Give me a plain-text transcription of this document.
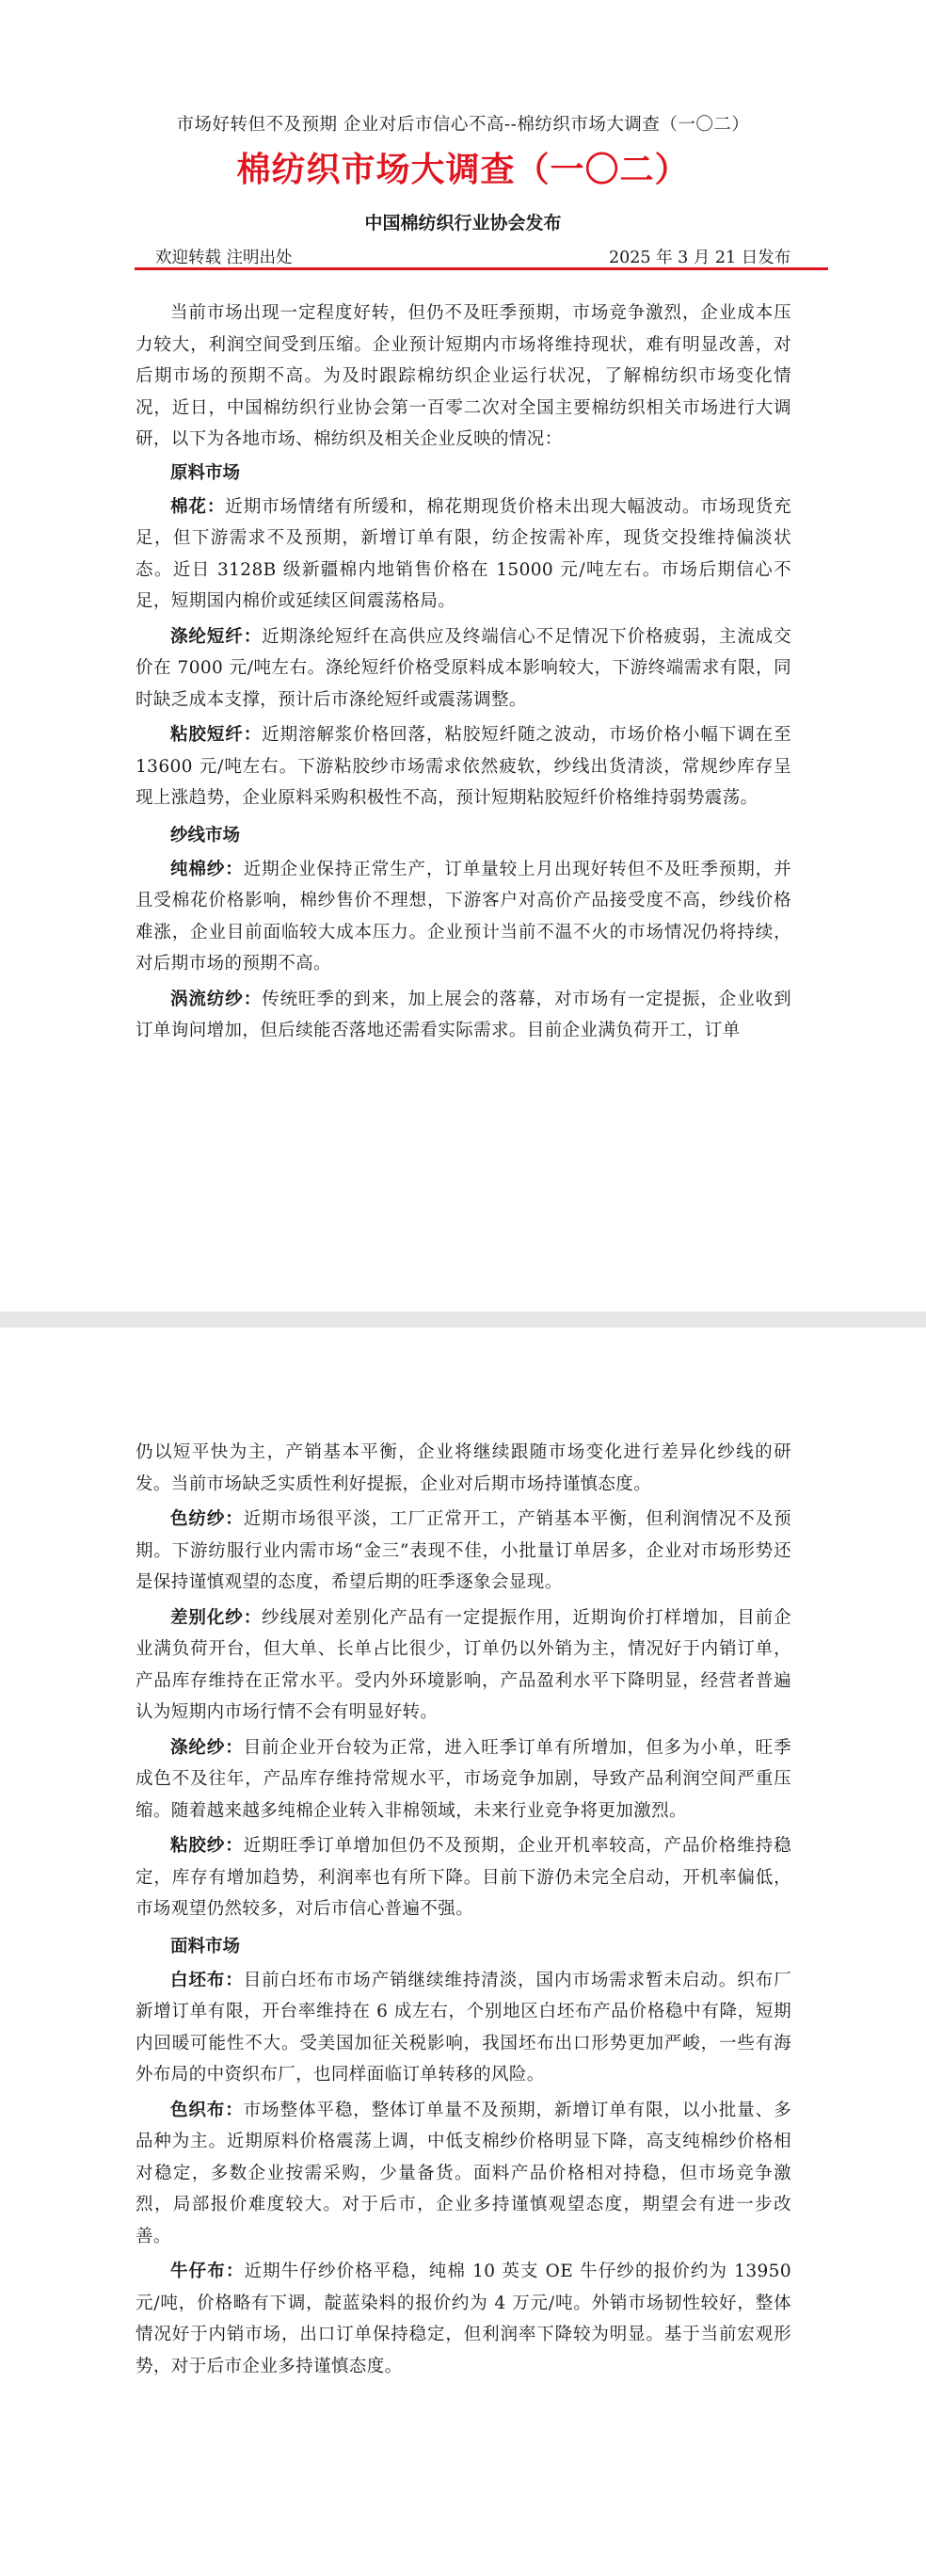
市场好转但不及预期 企业对后市信心不高--棉纺织市场大调查（一〇二）
棉纺织市场大调查（一〇二）
中国棉纺织行业协会发布
欢迎转载 注明出处	2025 年 3 月 21 日发布

当前市场出现一定程度好转，但仍不及旺季预期，市场竞争激烈，企业成本压力较大，利润空间受到压缩。企业预计短期内市场将维持现状，难有明显改善，对后期市场的预期不高。为及时跟踪棉纺织企业运行状况，了解棉纺织市场变化情况，近日，中国棉纺织行业协会第一百零二次对全国主要棉纺织相关市场进行大调研，以下为各地市场、棉纺织及相关企业反映的情况：

原料市场

棉花：近期市场情绪有所缓和，棉花期现货价格未出现大幅波动。市场现货充足，但下游需求不及预期，新增订单有限，纺企按需补库，现货交投维持偏淡状态。近日 3128B 级新疆棉内地销售价格在 15000 元/吨左右。市场后期信心不足，短期国内棉价或延续区间震荡格局。

涤纶短纤：近期涤纶短纤在高供应及终端信心不足情况下价格疲弱，主流成交价在 7000 元/吨左右。涤纶短纤价格受原料成本影响较大，下游终端需求有限，同时缺乏成本支撑，预计后市涤纶短纤或震荡调整。

粘胶短纤：近期溶解浆价格回落，粘胶短纤随之波动，市场价格小幅下调在至 13600 元/吨左右。下游粘胶纱市场需求依然疲软，纱线出货清淡，常规纱库存呈现上涨趋势，企业原料采购积极性不高，预计短期粘胶短纤价格维持弱势震荡。

纱线市场

纯棉纱：近期企业保持正常生产，订单量较上月出现好转但不及旺季预期，并且受棉花价格影响，棉纱售价不理想，下游客户对高价产品接受度不高，纱线价格难涨，企业目前面临较大成本压力。企业预计当前不温不火的市场情况仍将持续，对后期市场的预期不高。

涡流纺纱：传统旺季的到来，加上展会的落幕，对市场有一定提振，企业收到订单询问增加，但后续能否落地还需看实际需求。目前企业满负荷开工，订单

仍以短平快为主，产销基本平衡，企业将继续跟随市场变化进行差异化纱线的研发。当前市场缺乏实质性利好提振，企业对后期市场持谨慎态度。

色纺纱：近期市场很平淡，工厂正常开工，产销基本平衡，但利润情况不及预期。下游纺服行业内需市场“金三”表现不佳，小批量订单居多，企业对市场形势还是保持谨慎观望的态度，希望后期的旺季逐象会显现。

差别化纱：纱线展对差别化产品有一定提振作用，近期询价打样增加，目前企业满负荷开台，但大单、长单占比很少，订单仍以外销为主，情况好于内销订单，产品库存维持在正常水平。受内外环境影响，产品盈利水平下降明显，经营者普遍认为短期内市场行情不会有明显好转。

涤纶纱：目前企业开台较为正常，进入旺季订单有所增加，但多为小单，旺季成色不及往年，产品库存维持常规水平，市场竞争加剧，导致产品利润空间严重压缩。随着越来越多纯棉企业转入非棉领域，未来行业竞争将更加激烈。

粘胶纱：近期旺季订单增加但仍不及预期，企业开机率较高，产品价格维持稳定，库存有增加趋势，利润率也有所下降。目前下游仍未完全启动，开机率偏低，市场观望仍然较多，对后市信心普遍不强。

面料市场

白坯布：目前白坯布市场产销继续维持清淡，国内市场需求暂未启动。织布厂新增订单有限，开台率维持在 6 成左右，个别地区白坯布产品价格稳中有降，短期内回暖可能性不大。受美国加征关税影响，我国坯布出口形势更加严峻，一些有海外布局的中资织布厂，也同样面临订单转移的风险。

色织布：市场整体平稳，整体订单量不及预期，新增订单有限，以小批量、多品种为主。近期原料价格震荡上调，中低支棉纱价格明显下降，高支纯棉纱价格相对稳定，多数企业按需采购，少量备货。面料产品价格相对持稳，但市场竞争激烈，局部报价难度较大。对于后市，企业多持谨慎观望态度，期望会有进一步改善。

牛仔布：近期牛仔纱价格平稳，纯棉 10 英支 OE 牛仔纱的报价约为 13950 元/吨，价格略有下调，靛蓝染料的报价约为 4 万元/吨。外销市场韧性较好，整体情况好于内销市场，出口订单保持稳定，但利润率下降较为明显。基于当前宏观形势，对于后市企业多持谨慎态度。
